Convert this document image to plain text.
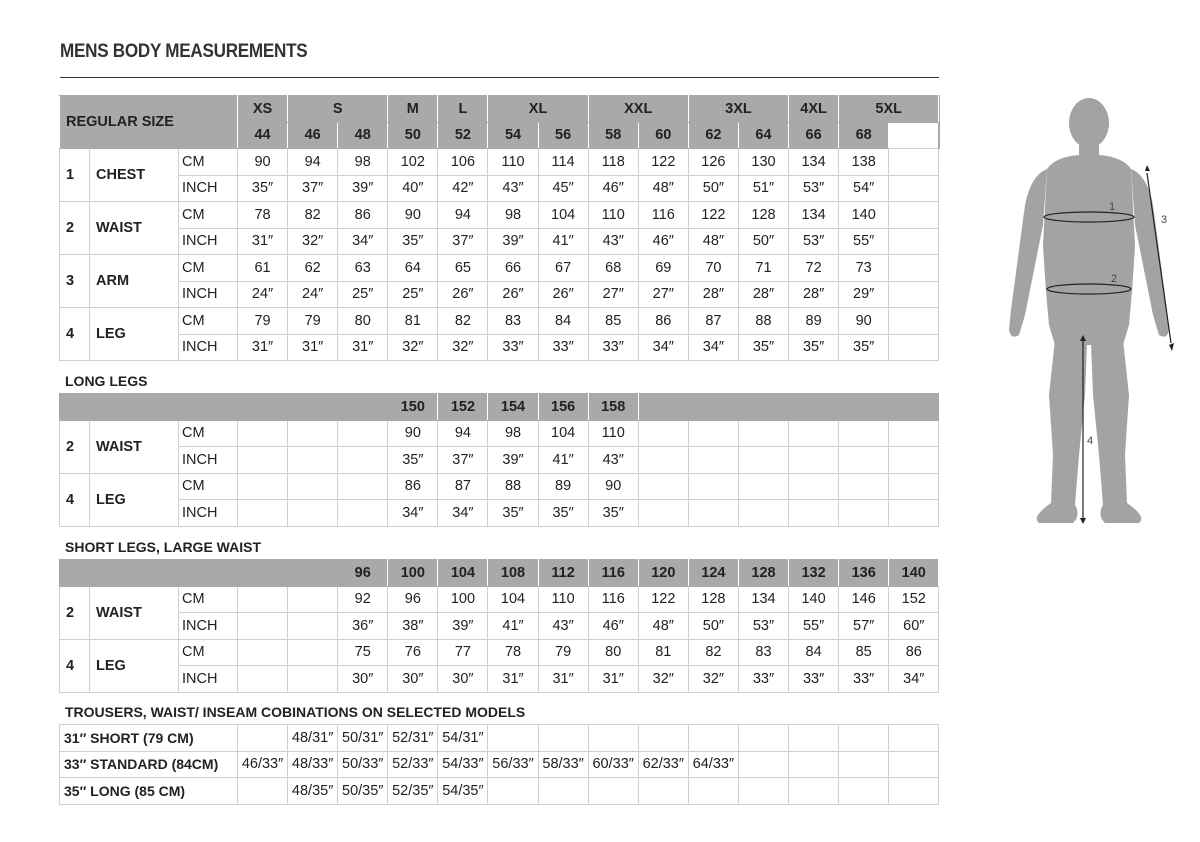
MENS BODY MEASUREMENTS
REGULAR SIZE			XS	S		M	L	XL		XXL		3XL		4XL	5XL		
			44	46	48	50	52	54	56	58	60	62	64	66	68		
1	CHEST	CM	90	94	98	102	106	110	114	118	122	126	130	134	138		
		INCH	35″	37″	39″	40″	42″	43″	45″	46″	48″	50″	51″	53″	54″		
2	WAIST	CM	78	82	86	90	94	98	104	110	116	122	128	134	140		
		INCH	31″	32″	34″	35″	37″	39″	41″	43″	46″	48″	50″	53″	55″		
3	ARM	CM	61	62	63	64	65	66	67	68	69	70	71	72	73		
		INCH	24″	24″	25″	25″	26″	26″	26″	27″	27″	28″	28″	28″	29″		
4	LEG	CM	79	79	80	81	82	83	84	85	86	87	88	89	90		
		INCH	31″	31″	31″	32″	32″	33″	33″	33″	34″	34″	35″	35″	35″		
LONG LEGS
						150	152	154	156	158						
2	WAIST	CM				90	94	98	104	110						
		INCH				35″	37″	39″	41″	43″						
4	LEG	CM				86	87	88	89	90						
		INCH				34″	34″	35″	35″	35″						
SHORT LEGS, LARGE WAIST
					96	100	104	108	112	116	120	124	128	132	136	140
2	WAIST	CM			92	96	100	104	110	116	122	128	134	140	146	152
		INCH			36″	38″	39″	41″	43″	46″	48″	50″	53″	55″	57″	60″
4	LEG	CM			75	76	77	78	79	80	81	82	83	84	85	86
		INCH			30″	30″	30″	31″	31″	31″	32″	32″	33″	33″	33″	34″
TROUSERS, WAIST/ INSEAM COBINATIONS ON SELECTED MODELS
31″ SHORT (79 CM)		48/31″	50/31″	52/31″	54/31″									
33″ STANDARD (84CM)	46/33″	48/33″	50/33″	52/33″	54/33″	56/33″	58/33″	60/33″	62/33″	64/33″				
35″ LONG (85 CM)		48/35″	50/35″	52/35″	54/35″									
1
2
3
4
